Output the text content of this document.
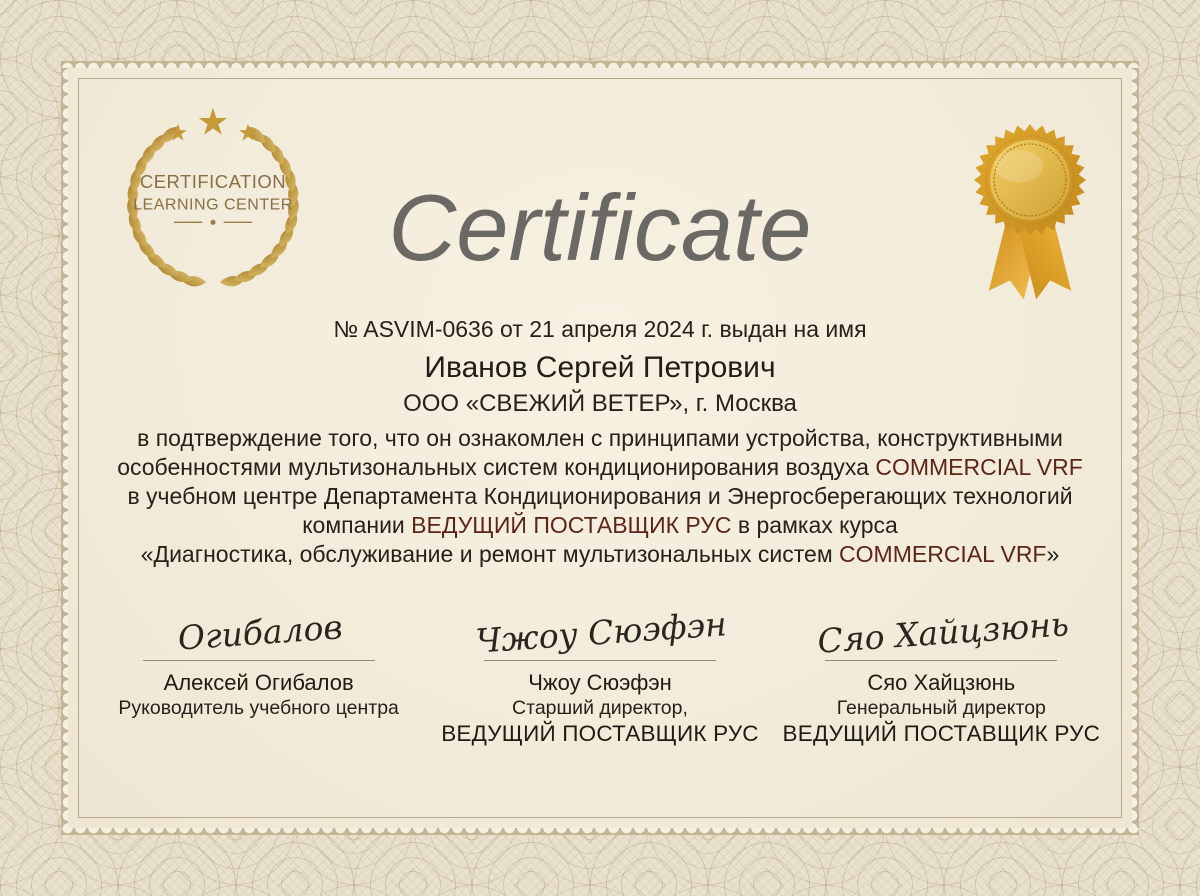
★ ★ ★
CERTIFICATION
LEARNING CENTER	Certificate
№ ASVIM-0636 от 21 апреля 2024 г. выдан на имя
Иванов Сергей Петрович
ООО «СВЕЖИЙ ВЕТЕР», г. Москва
в подтверждение того, что он ознакомлен с принципами устройства, конструктивными
особенностями мультизональных систем кондиционирования воздуха COMMERCIAL VRF
в учебном центре Департамента Кондиционирования и Энергосберегающих технологий
компании ВЕДУЩИЙ ПОСТАВЩИК РУС в рамках курса
«Диагностика, обслуживание и ремонт мультизональных систем COMMERCIAL VRF»
Огибалов
Алексей Огибалов
Руководитель учебного центра
Чжоу Сюэфэн
Чжоу Сюэфэн
Старший директор,
ВЕДУЩИЙ ПОСТАВЩИК РУС
Сяо Хайцзюнь
Сяо Хайцзюнь
Генеральный директор
ВЕДУЩИЙ ПОСТАВЩИК РУС
